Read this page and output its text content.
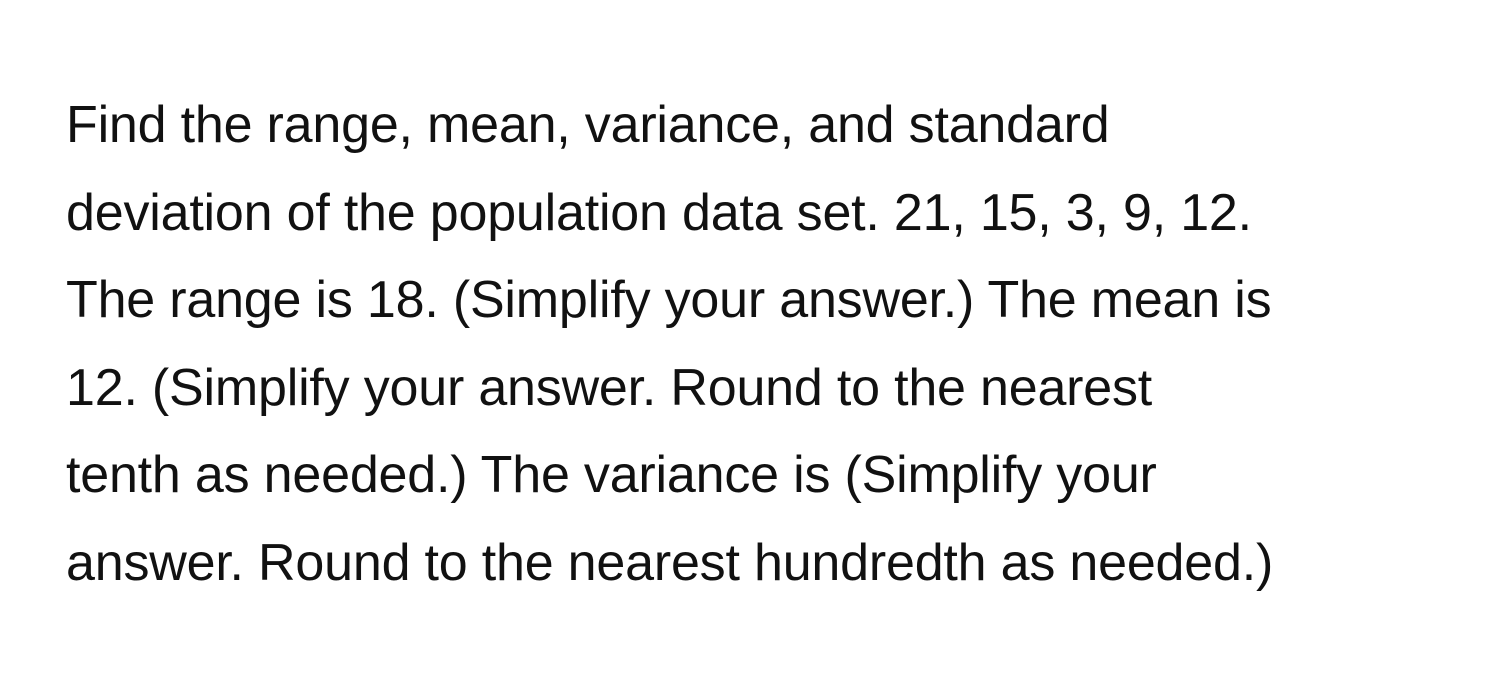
Find the range, mean, variance, and standard
deviation of the population data set. 21, 15, 3, 9, 12.
The range is 18. (Simplify your answer.) The mean is
12. (Simplify your answer. Round to the nearest
tenth as needed.) The variance is (Simplify your
answer. Round to the nearest hundredth as needed.)
